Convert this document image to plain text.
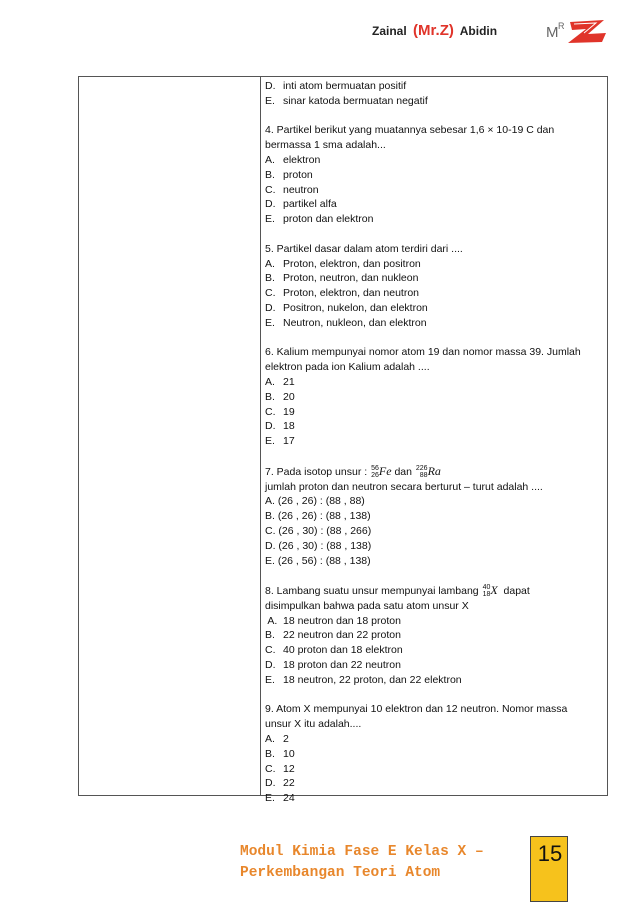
Zainal (Mr.Z) Abidin	M R
D. inti atom bermuatan positif
E. sinar katoda bermuatan negatif
4. Partikel berikut yang muatannya sebesar 1,6 × 10-19 C dan
bermassa 1 sma adalah...
A. elektron
B. proton
C. neutron
D. partikel alfa
E. proton dan elektron
5. Partikel dasar dalam atom terdiri dari ....
A. Proton, elektron, dan positron
B. Proton, neutron, dan nukleon
C. Proton, elektron, dan neutron
D. Positron, nukelon, dan elektron
E. Neutron, nukleon, dan elektron
6. Kalium mempunyai nomor atom 19 dan nomor massa 39. Jumlah
elektron pada ion Kalium adalah ....
A. 21
B. 20
C. 19
D. 18
E. 17
7. Pada isotop unsur : 56
26 Fe dan 226
88 Ra
jumlah proton dan neutron secara berturut – turut adalah ....
A. (26 , 26) : (88 , 88)
B. (26 , 26) : (88 , 138)
C. (26 , 30) : (88 , 266)
D. (26 , 30) : (88 , 138)
E. (26 , 56) : (88 , 138)
8. Lambang suatu unsur mempunyai lambang 40
18 X  dapat
disimpulkan bahwa pada satu atom unsur X
A. 18 neutron dan 18 proton
B. 22 neutron dan 22 proton
C. 40 proton dan 18 elektron
D. 18 proton dan 22 neutron
E. 18 neutron, 22 proton, dan 22 elektron
9. Atom X mempunyai 10 elektron dan 12 neutron. Nomor massa
unsur X itu adalah....
A. 2
B. 10
C. 12
D. 22
E. 24
Modul Kimia Fase E Kelas X –
Perkembangan Teori Atom
15
